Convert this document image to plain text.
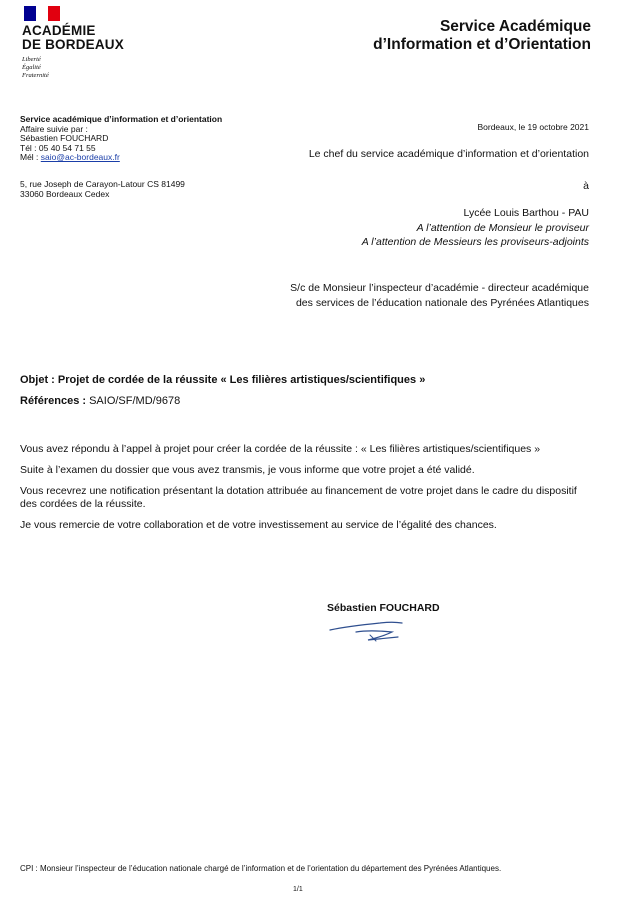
ACADÉMIE
DE BORDEAUX
Liberté
Égalité
Fraternité
Service Académique
d’Information et d’Orientation
Service académique d’information et d’orientation
Affaire suivie par :
Sébastien FOUCHARD
Tél : 05 40 54 71 55
Mél : saio@ac-bordeaux.fr
5, rue Joseph de Carayon-Latour CS 81499
33060 Bordeaux Cedex
Bordeaux, le 19 octobre 2021
Le chef du service académique d’information et d’orientation
à
Lycée Louis Barthou - PAU
A l’attention de Monsieur le proviseur
A l’attention de Messieurs les proviseurs-adjoints
S/c de Monsieur l’inspecteur d’académie - directeur académique
des services de l’éducation nationale des Pyrénées Atlantiques
Objet : Projet de cordée de la réussite « Les filières artistiques/scientifiques »
Références : SAIO/SF/MD/9678

Vous avez répondu à l’appel à projet pour créer la cordée de la réussite : « Les filières artistiques/scientifiques »

Suite à l’examen du dossier que vous avez transmis, je vous informe que votre projet a été validé.

Vous recevrez une notification présentant la dotation attribuée au financement de votre projet dans le cadre du dispositif des cordées de la réussite.

Je vous remercie de votre collaboration et de votre investissement au service de l’égalité des chances.

Sébastien FOUCHARD
CPI : Monsieur l’inspecteur de l’éducation nationale chargé de l’information et de l’orientation du département des Pyrénées Atlantiques.
1/1
